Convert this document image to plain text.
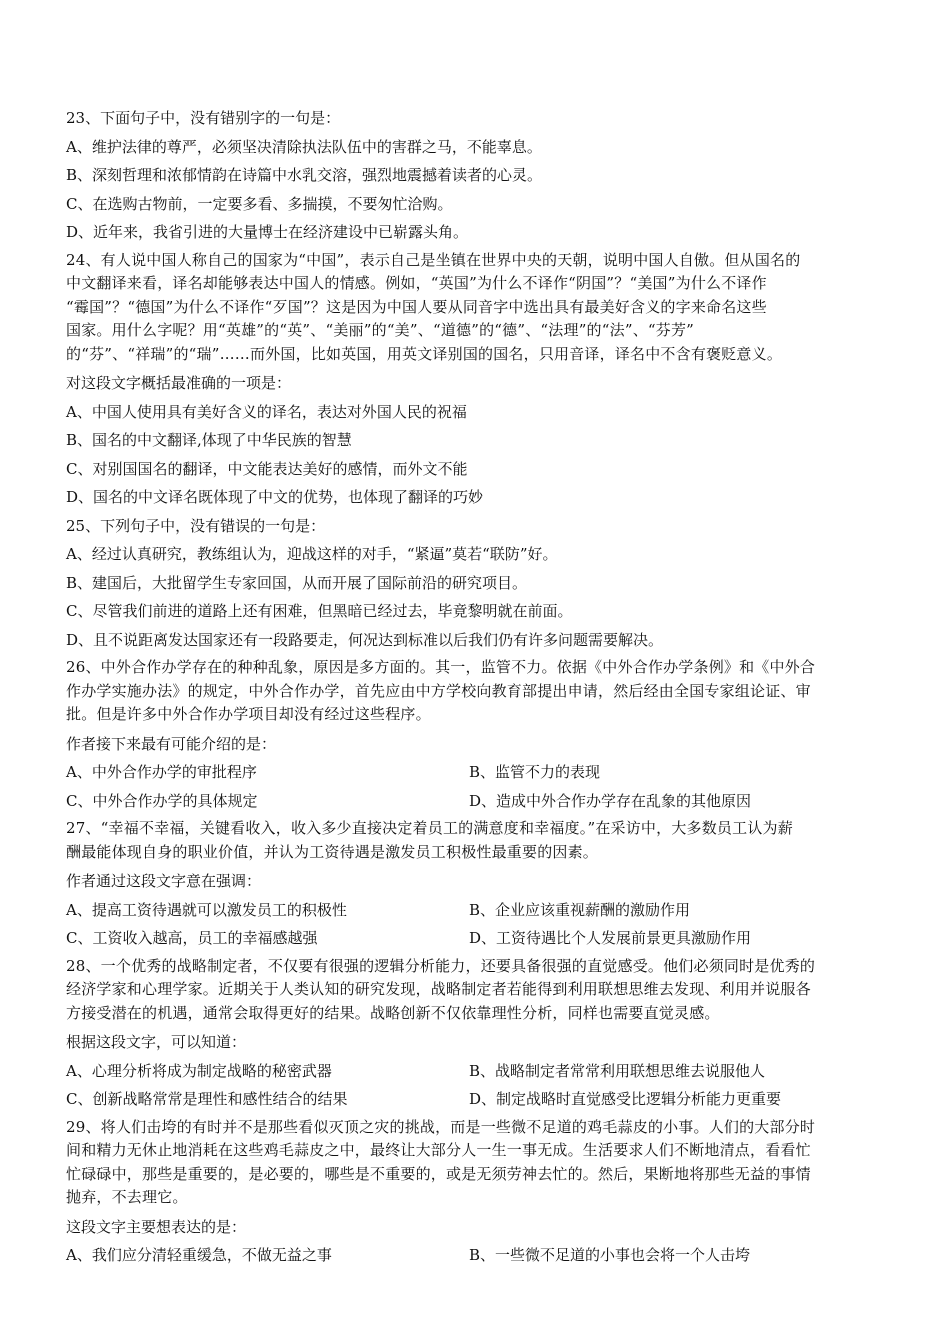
23、下面句子中，没有错别字的一句是：
A、维护法律的尊严，必须坚决清除执法队伍中的害群之马，不能辜息。
B、深刻哲理和浓郁情韵在诗篇中水乳交溶，强烈地震撼着读者的心灵。
C、在选购古物前，一定要多看、多揣摸，不要匆忙洽购。
D、近年来，我省引进的大量博士在经济建设中已崭露头角。
24、有人说中国人称自己的国家为“中国”，表示自己是坐镇在世界中央的天朝，说明中国人自傲。但从国名的
中文翻译来看，译名却能够表达中国人的情感。例如，“英国”为什么不译作“阴国”？“美国”为什么不译作
“霉国”？“德国”为什么不译作“歹国”？这是因为中国人要从同音字中选出具有最美好含义的字来命名这些
国家。用什么字呢？用“英雄”的“英”、“美丽”的“美”、“道德”的“德”、“法理”的“法”、“芬芳”
的“芬”、“祥瑞”的“瑞”……而外国，比如英国，用英文译别国的国名，只用音译，译名中不含有褒贬意义。
对这段文字概括最准确的一项是：
A、中国人使用具有美好含义的译名，表达对外国人民的祝福
B、国名的中文翻译,体现了中华民族的智慧
C、对别国国名的翻译，中文能表达美好的感情，而外文不能
D、国名的中文译名既体现了中文的优势，也体现了翻译的巧妙
25、下列句子中，没有错误的一句是：
A、经过认真研究，教练组认为，迎战这样的对手，“紧逼”莫若“联防”好。
B、建国后，大批留学生专家回国，从而开展了国际前沿的研究项目。
C、尽管我们前进的道路上还有困难，但黑暗已经过去，毕竟黎明就在前面。
D、且不说距离发达国家还有一段路要走，何况达到标准以后我们仍有许多问题需要解决。
26、中外合作办学存在的种种乱象，原因是多方面的。其一，监管不力。依据《中外合作办学条例》和《中外合
作办学实施办法》的规定，中外合作办学，首先应由中方学校向教育部提出申请，然后经由全国专家组论证、审
批。但是许多中外合作办学项目却没有经过这些程序。
作者接下来最有可能介绍的是：
A、中外合作办学的审批程序	B、监管不力的表现
C、中外合作办学的具体规定	D、造成中外合作办学存在乱象的其他原因
27、“幸福不幸福，关键看收入，收入多少直接决定着员工的满意度和幸福度。”在采访中，大多数员工认为薪
酬最能体现自身的职业价值，并认为工资待遇是激发员工积极性最重要的因素。
作者通过这段文字意在强调：
A、提高工资待遇就可以激发员工的积极性	B、企业应该重视薪酬的激励作用
C、工资收入越高，员工的幸福感越强	D、工资待遇比个人发展前景更具激励作用
28、一个优秀的战略制定者，不仅要有很强的逻辑分析能力，还要具备很强的直觉感受。他们必须同时是优秀的
经济学家和心理学家。近期关于人类认知的研究发现，战略制定者若能得到利用联想思维去发现、利用并说服各
方接受潜在的机遇，通常会取得更好的结果。战略创新不仅依靠理性分析，同样也需要直觉灵感。
根据这段文字，可以知道：
A、心理分析将成为制定战略的秘密武器	B、战略制定者常常利用联想思维去说服他人
C、创新战略常常是理性和感性结合的结果	D、制定战略时直觉感受比逻辑分析能力更重要
29、将人们击垮的有时并不是那些看似灭顶之灾的挑战，而是一些微不足道的鸡毛蒜皮的小事。人们的大部分时
间和精力无休止地消耗在这些鸡毛蒜皮之中，最终让大部分人一生一事无成。生活要求人们不断地清点，看看忙
忙碌碌中，那些是重要的，是必要的，哪些是不重要的，或是无须劳神去忙的。然后，果断地将那些无益的事情
抛弃，不去理它。
这段文字主要想表达的是：
A、我们应分清轻重缓急，不做无益之事	B、一些微不足道的小事也会将一个人击垮
